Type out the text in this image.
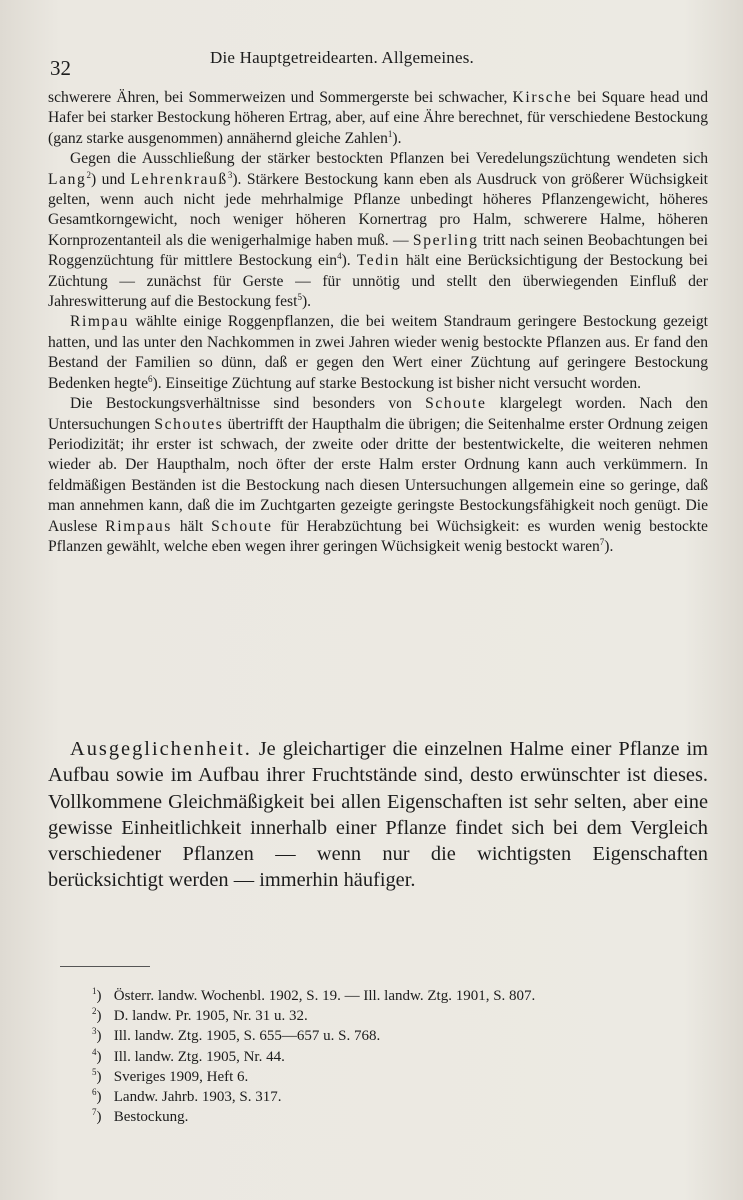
32	Die Hauptgetreidearten. Allgemeines.

schwerere Ähren, bei Sommerweizen und Sommergerste bei schwacher, Kirsche bei Square head und Hafer bei starker Bestockung höheren Ertrag, aber, auf eine Ähre berechnet, für verschiedene Bestockung (ganz starke ausgenommen) annähernd gleiche Zahlen$^1$).

Gegen die Ausschließung der stärker bestockten Pflanzen bei Veredelungszüchtung wendeten sich Lang$^2$) und Lehrenkrauß$^3$). Stärkere Bestockung kann eben als Ausdruck von größerer Wüchsigkeit gelten, wenn auch nicht jede mehrhalmige Pflanze unbedingt höheres Pflanzengewicht, höheres Gesamtkorngewicht, noch weniger höheren Kornertrag pro Halm, schwerere Halme, höheren Kornprozentanteil als die wenigerhalmige haben muß. — Sperling tritt nach seinen Beobachtungen bei Roggenzüchtung für mittlere Bestockung ein$^4$). Tedin hält eine Berücksichtigung der Bestockung bei Züchtung — zunächst für Gerste — für unnötig und stellt den überwiegenden Einfluß der Jahreswitterung auf die Bestockung fest$^5$).

Rimpau wählte einige Roggenpflanzen, die bei weitem Standraum geringere Bestockung gezeigt hatten, und las unter den Nachkommen in zwei Jahren wieder wenig bestockte Pflanzen aus. Er fand den Bestand der Familien so dünn, daß er gegen den Wert einer Züchtung auf geringere Bestockung Bedenken hegte$^6$). Einseitige Züchtung auf starke Bestockung ist bisher nicht versucht worden.

Die Bestockungsverhältnisse sind besonders von Schoute klargelegt worden. Nach den Untersuchungen Schoutes übertrifft der Haupthalm die übrigen; die Seitenhalme erster Ordnung zeigen Periodizität; ihr erster ist schwach, der zweite oder dritte der bestentwickelte, die weiteren nehmen wieder ab. Der Haupthalm, noch öfter der erste Halm erster Ordnung kann auch verkümmern. In feldmäßigen Beständen ist die Bestockung nach diesen Untersuchungen allgemein eine so geringe, daß man annehmen kann, daß die im Zuchtgarten gezeigte geringste Bestockungsfähigkeit noch genügt. Die Auslese Rimpaus hält Schoute für Herabzüchtung bei Wüchsigkeit: es wurden wenig bestockte Pflanzen gewählt, welche eben wegen ihrer geringen Wüchsigkeit wenig bestockt waren$^7$).

Ausgeglichenheit. Je gleichartiger die einzelnen Halme einer Pflanze im Aufbau sowie im Aufbau ihrer Fruchtstände sind, desto erwünschter ist dieses. Vollkommene Gleichmäßigkeit bei allen Eigenschaften ist sehr selten, aber eine gewisse Einheitlichkeit innerhalb einer Pflanze findet sich bei dem Vergleich verschiedener Pflanzen — wenn nur die wichtigsten Eigenschaften berücksichtigt werden — immerhin häufiger.

$^1$) Österr. landw. Wochenbl. 1902, S. 19. — Ill. landw. Ztg. 1901, S. 807.
$^2$) D. landw. Pr. 1905, Nr. 31 u. 32.
$^3$) Ill. landw. Ztg. 1905, S. 655—657 u. S. 768.
$^4$) Ill. landw. Ztg. 1905, Nr. 44.
$^5$) Sveriges 1909, Heft 6.
$^6$) Landw. Jahrb. 1903, S. 317.
$^7$) Bestockung.
